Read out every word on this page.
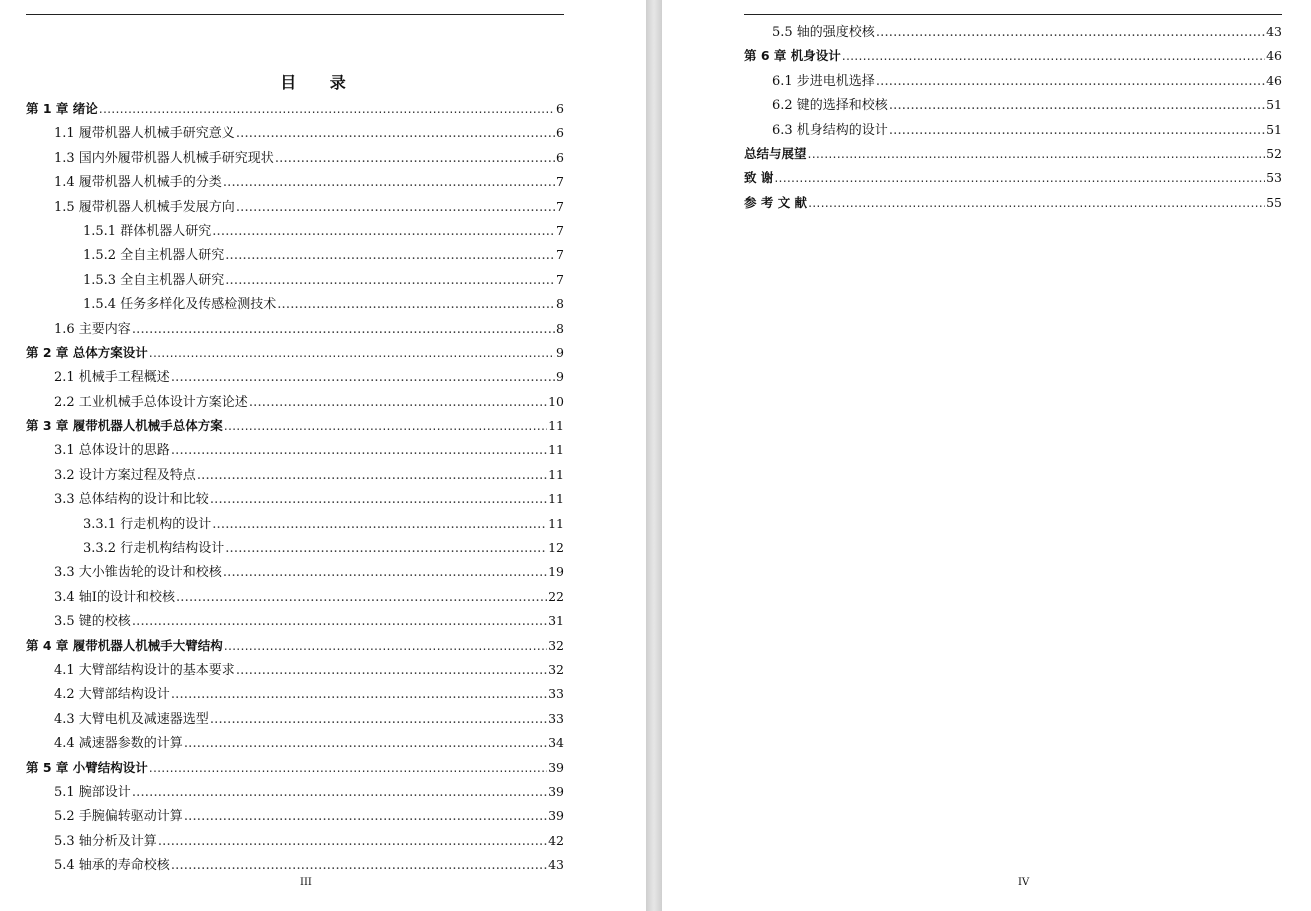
目 录
第 1 章 绪论 .....	6
1.1 履带机器人机械手研究意义 .....	6
1.3 国内外履带机器人机械手研究现状 .....	6
1.4 履带机器人机械手的分类 .....	7
1.5 履带机器人机械手发展方向 .....	7
1.5.1 群体机器人研究 .....	7
1.5.2 全自主机器人研究 .....	7
1.5.3 全自主机器人研究 .....	7
1.5.4 任务多样化及传感检测技术 .....	8
1.6 主要内容 .....	8
第 2 章 总体方案设计 .....	9
2.1 机械手工程概述 .....	9
2.2 工业机械手总体设计方案论述 .....	10
第 3 章 履带机器人机械手总体方案 .....	11
3.1 总体设计的思路 .....	11
3.2 设计方案过程及特点 .....	11
3.3 总体结构的设计和比较 .....	11
3.3.1 行走机构的设计 .....	11
3.3.2 行走机构结构设计 .....	12
3.3 大小锥齿轮的设计和校核 .....	19
3.4 轴I的设计和校核 .....	22
3.5 键的校核 .....	31
第 4 章 履带机器人机械手大臂结构 .....	32
4.1 大臂部结构设计的基本要求 .....	32
4.2 大臂部结构设计 .....	33
4.3 大臂电机及减速器选型 .....	33
4.4 减速器参数的计算 .....	34
第 5 章 小臂结构设计 .....	39
5.1 腕部设计 .....	39
5.2 手腕偏转驱动计算 .....	39
5.3 轴分析及计算 .....	42
5.4 轴承的寿命校核 .....	43
III
5.5 轴的强度校核 .....	43
第 6 章 机身设计 .....	46
6.1 步进电机选择 .....	46
6.2 键的选择和校核 .....	51
6.3 机身结构的设计 .....	51
总结与展望 .....	52
致 谢 .....	53
参 考 文 献 .....	55
IV
